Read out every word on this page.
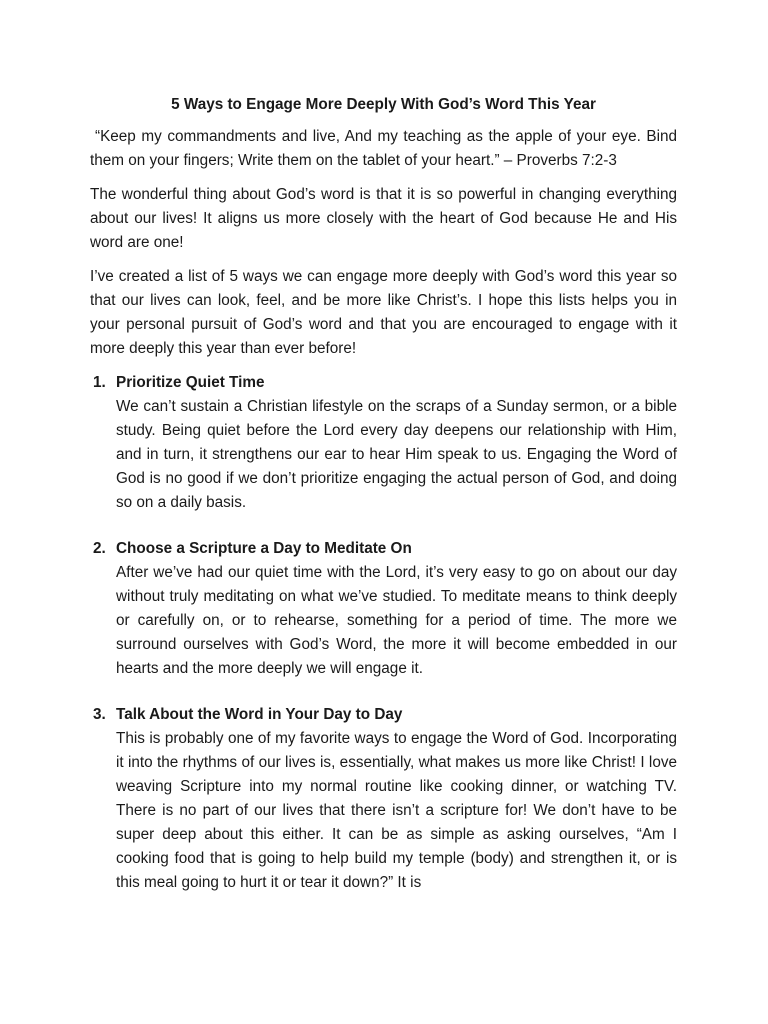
5 Ways to Engage More Deeply With God’s Word This Year

“Keep my commandments and live, And my teaching as the apple of your eye. Bind them on your fingers; Write them on the tablet of your heart.” – Proverbs 7:2-3

The wonderful thing about God’s word is that it is so powerful in changing everything about our lives! It aligns us more closely with the heart of God because He and His word are one!

I’ve created a list of 5 ways we can engage more deeply with God’s word this year so that our lives can look, feel, and be more like Christ’s. I hope this lists helps you in your personal pursuit of God’s word and that you are encouraged to engage with it more deeply this year than ever before!

1. Prioritize Quiet Time
We can’t sustain a Christian lifestyle on the scraps of a Sunday sermon, or a bible study. Being quiet before the Lord every day deepens our relationship with Him, and in turn, it strengthens our ear to hear Him speak to us. Engaging the Word of God is no good if we don’t prioritize engaging the actual person of God, and doing so on a daily basis.
2. Choose a Scripture a Day to Meditate On
After we’ve had our quiet time with the Lord, it’s very easy to go on about our day without truly meditating on what we’ve studied. To meditate means to think deeply or carefully on, or to rehearse, something for a period of time. The more we surround ourselves with God’s Word, the more it will become embedded in our hearts and the more deeply we will engage it.
3. Talk About the Word in Your Day to Day
This is probably one of my favorite ways to engage the Word of God. Incorporating it into the rhythms of our lives is, essentially, what makes us more like Christ! I love weaving Scripture into my normal routine like cooking dinner, or watching TV. There is no part of our lives that there isn’t a scripture for! We don’t have to be super deep about this either. It can be as simple as asking ourselves, “Am I cooking food that is going to help build my temple (body) and strengthen it, or is this meal going to hurt it or tear it down?” It is
